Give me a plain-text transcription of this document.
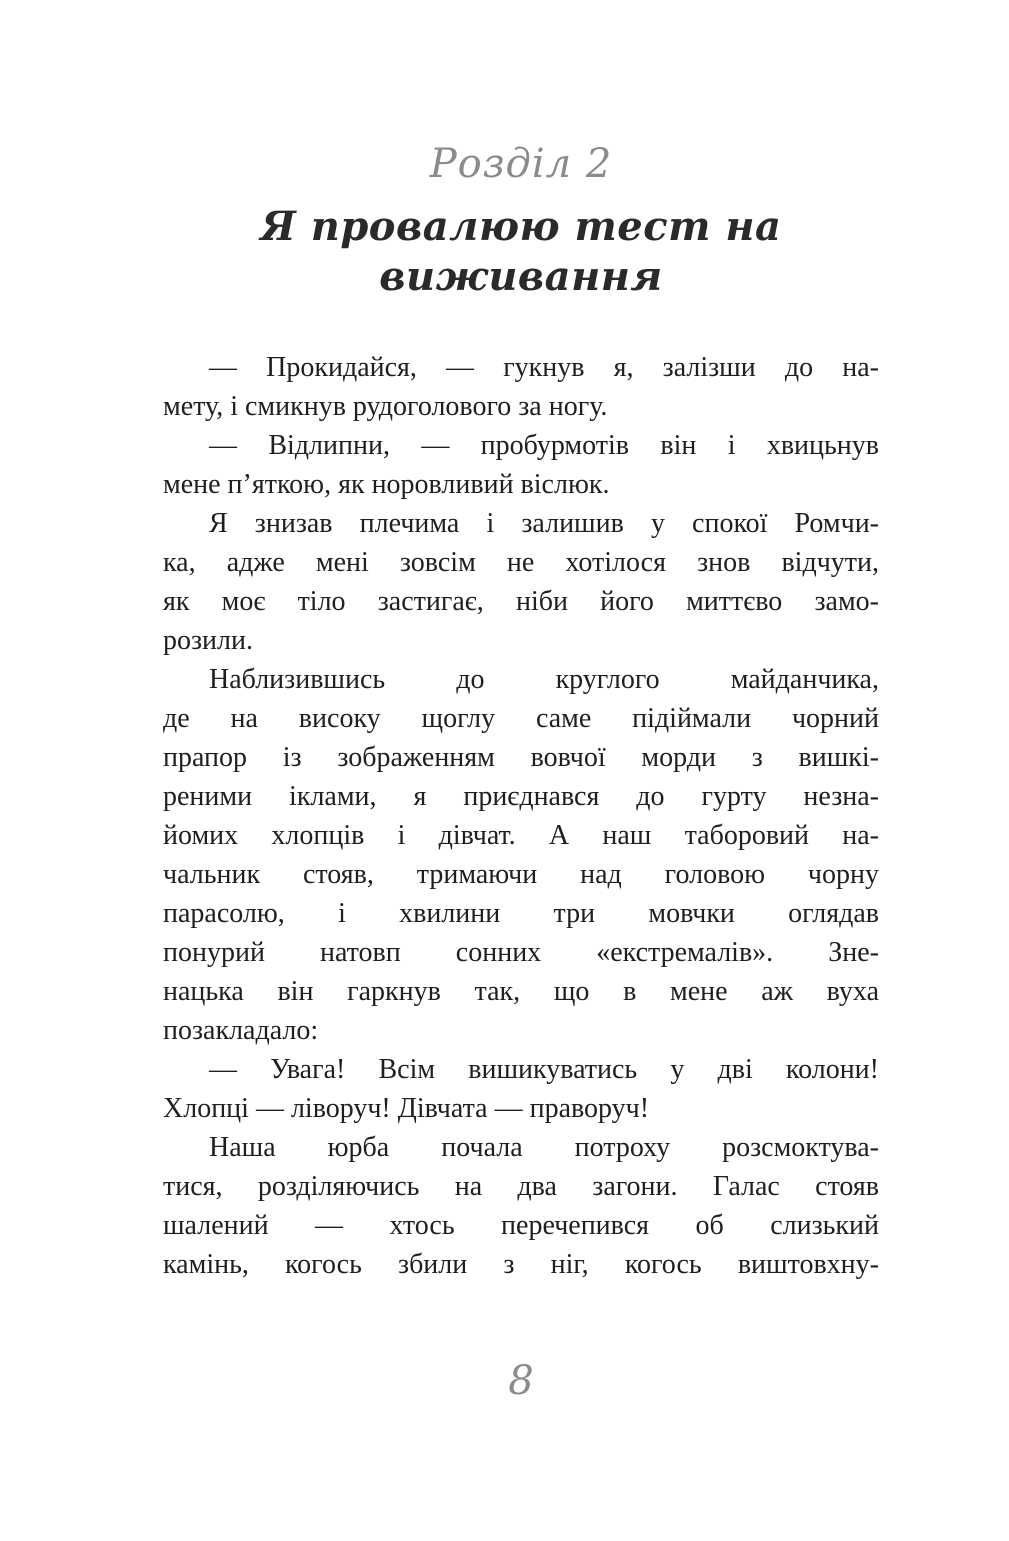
Розділ 2
Я провалюю тест на виживання
— Прокидайся, — гукнув я, залізши до на-
мету, і смикнув рудоголового за ногу.
— Відлипни, — пробурмотів він і хвицьнув
мене п’яткою, як норовливий віслюк.
Я знизав плечима і залишив у спокої Ромчи-
ка, адже мені зовсім не хотілося знов відчути,
як моє тіло застигає, ніби його миттєво замо-
розили.
Наблизившись до круглого майданчика,
де на високу щоглу саме підіймали чорний
прапор із зображенням вовчої морди з вишкі-
реними іклами, я приєднався до гурту незна-
йомих хлопців і дівчат. А наш таборовий на-
чальник стояв, тримаючи над головою чорну
парасолю, і хвилини три мовчки оглядав
понурий натовп сонних «екстремалів». Зне-
нацька він гаркнув так, що в мене аж вуха
позакладало:
— Увага! Всім вишикуватись у дві колони!
Хлопці — ліворуч! Дівчата — праворуч!
Наша юрба почала потроху розсмоктува-
тися, розділяючись на два загони. Галас стояв
шалений — хтось перечепився об слизький
камінь, когось збили з ніг, когось виштовхну-
8
